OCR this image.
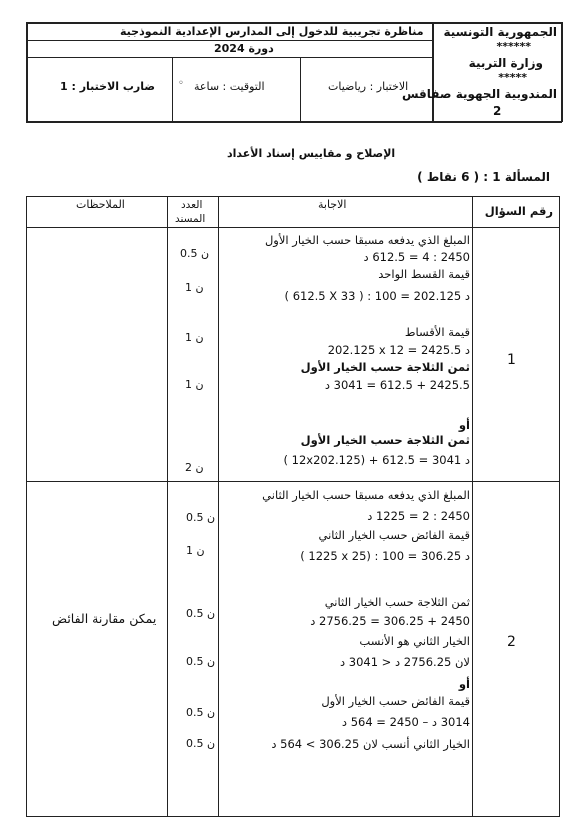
الجمهورية التونسية
******
وزارة التربية
*****
المندوبية الجهوية صفاقس
2
مناظرة تجريبية للدخول إلى المدارس الإعدادية النموذجية
دورة 2024
الاختبار : رياضيات
التوقيت : ساعة
◦
ضارب الاختبار : 1
الإصلاح و مقاييس إسناد الأعداد
المسألة 1 : ( 6 نقاط )
رقم السؤال
الاجابة
العدد
المسند
الملاحظات
1
المبلغ الذي يدفعه مسبقا حسب الخيار الأول
2450 : 4 = 612.5 د
قيمة القسط الواحد
( 612.5 X 33 ) : 100 = 202.125 د
قيمة الأقساط
202.125 x 12 = 2425.5 د
ثمن الثلاجة حسب الخيار الأول
2425.5 + 612.5 = 3041 د
أو
ثمن الثلاجة حسب الخيار الأول
( 12x202.125) + 612.5 = 3041 د
0.5 ن
1 ن
1 ن
1 ن
2 ن
2
المبلغ الذي يدفعه مسبقا حسب الخيار الثاني
2450 : 2 = 1225 د
قيمة الفائض حسب الخيار الثاني
( 1225 x 25) : 100 = 306.25 د
ثمن الثلاجة حسب الخيار الثاني
2450 + 306.25 = 2756.25 د
الخيار الثاني هو الأنسب
لان 2756.25 د < 3041 د
أو
قيمة الفائض حسب الخيار الأول
3014 د – 2450 = 564 د
الخيار الثاني أنسب لان 306.25 > 564 د
0.5 ن
1 ن
0.5 ن
0.5 ن
0.5 ن
0.5 ن
يمكن مقارنة الفائض
